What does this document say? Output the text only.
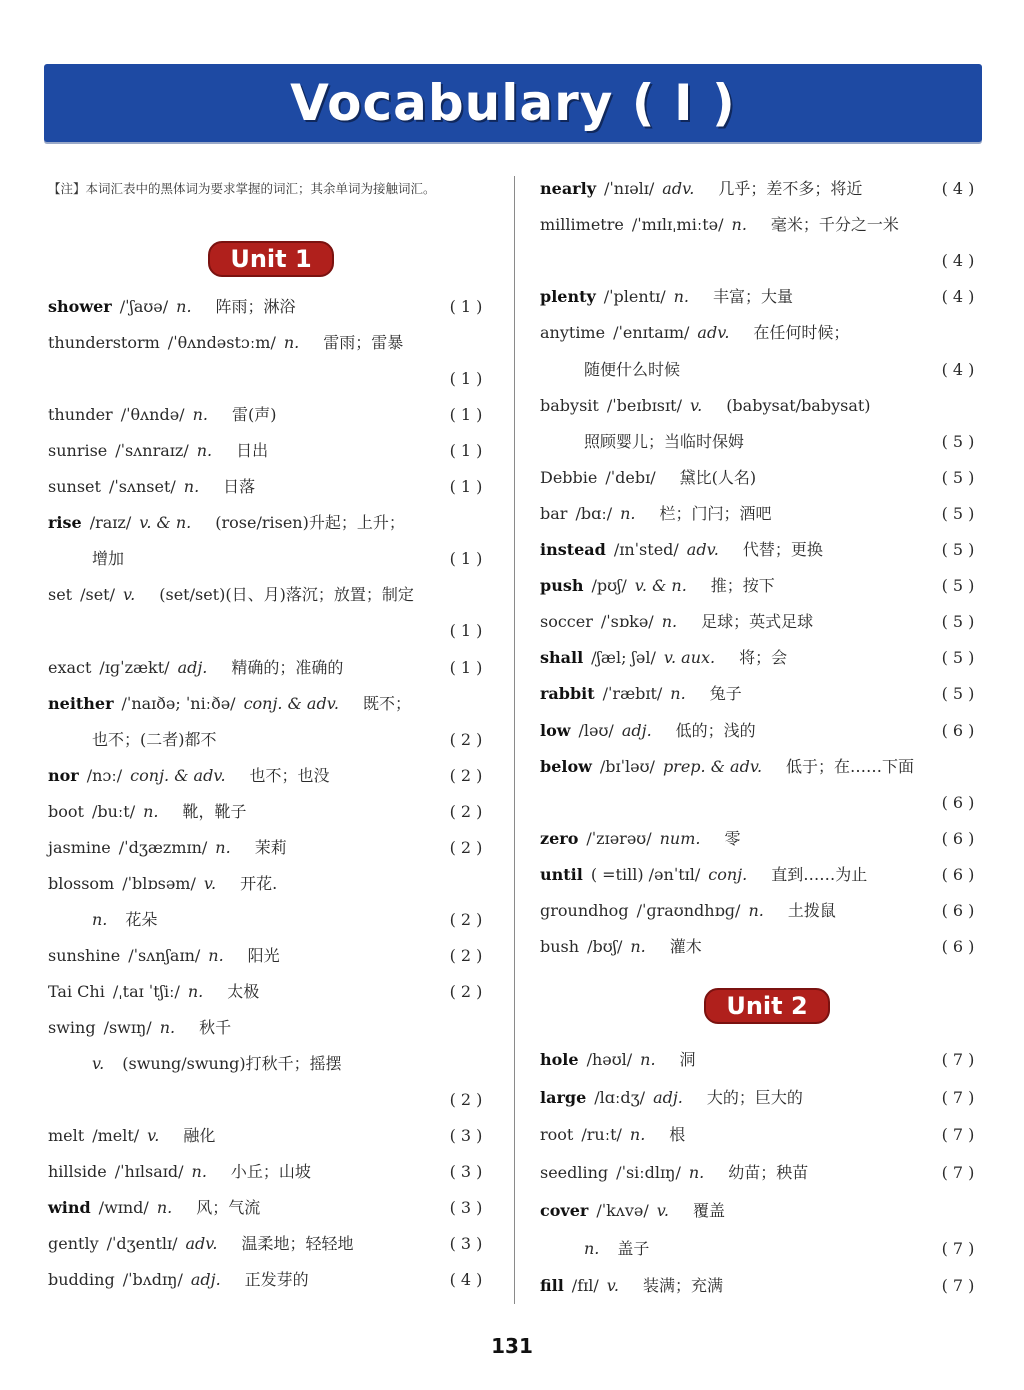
Vocabulary ( I )
【注】本词汇表中的黑体词为要求掌握的词汇；其余单词为接触词汇。
Unit 1
Unit 2
shower /ˈʃaʊə/ n. 阵雨；淋浴	( 1 )
thunderstorm /ˈθʌndəstɔːm/ n. 雷雨；雷暴
( 1 )
thunder /ˈθʌndə/ n. 雷(声)	( 1 )
sunrise /ˈsʌnraɪz/ n. 日出	( 1 )
sunset /ˈsʌnset/ n. 日落	( 1 )
rise /raɪz/ v. & n. (rose/risen)升起；上升；
增加	( 1 )
set /set/ v. (set/set)(日、月)落沉；放置；制定
( 1 )
exact /ɪɡˈzækt/ adj. 精确的；准确的	( 1 )
neither /ˈnaɪðə; ˈniːðə/ conj. & adv. 既不；
也不；(二者)都不	( 2 )
nor /nɔː/ conj. & adv. 也不；也没	( 2 )
boot /buːt/ n. 靴，靴子	( 2 )
jasmine /ˈdʒæzmɪn/ n. 茉莉	( 2 )
blossom /ˈblɒsəm/ v. 开花.
n. 花朵	( 2 )
sunshine /ˈsʌnʃaɪn/ n. 阳光	( 2 )
Tai Chi /ˌtaɪ ˈtʃiː/ n. 太极	( 2 )
swing /swɪŋ/ n. 秋千
v. (swung/swung)打秋千；摇摆
( 2 )
melt /melt/ v. 融化	( 3 )
hillside /ˈhɪlsaɪd/ n. 小丘；山坡	( 3 )
wind /wɪnd/ n. 风；气流	( 3 )
gently /ˈdʒentlɪ/ adv. 温柔地；轻轻地	( 3 )
budding /ˈbʌdɪŋ/ adj. 正发芽的	( 4 )
nearly /ˈnɪəlɪ/ adv. 几乎；差不多；将近	( 4 )
millimetre /ˈmɪlɪˌmiːtə/ n. 毫米；千分之一米
( 4 )
plenty /ˈplentɪ/ n. 丰富；大量	( 4 )
anytime /ˈenɪtaɪm/ adv. 在任何时候；
随便什么时候	( 4 )
babysit /ˈbeɪbɪsɪt/ v. (babysat/babysat)
照顾婴儿；当临时保姆	( 5 )
Debbie /ˈdebɪ/ 黛比(人名)	( 5 )
bar /bɑː/ n. 栏；门闩；酒吧	( 5 )
instead /ɪnˈsted/ adv. 代替；更换	( 5 )
push /pʊʃ/ v. & n. 推；按下	( 5 )
soccer /ˈsɒkə/ n. 足球；英式足球	( 5 )
shall /ʃæl; ʃəl/ v. aux. 将；会	( 5 )
rabbit /ˈræbɪt/ n. 兔子	( 5 )
low /ləʊ/ adj. 低的；浅的	( 6 )
below /bɪˈləʊ/ prep. & adv. 低于；在……下面
( 6 )
zero /ˈzɪərəʊ/ num. 零	( 6 )
until ( =till) /ənˈtɪl/ conj. 直到……为止	( 6 )
groundhog /ˈɡraʊndhɒɡ/ n. 土拨鼠	( 6 )
bush /bʊʃ/ n. 灌木	( 6 )
hole /həʊl/ n. 洞	( 7 )
large /lɑːdʒ/ adj. 大的；巨大的	( 7 )
root /ruːt/ n. 根	( 7 )
seedling /ˈsiːdlɪŋ/ n. 幼苗；秧苗	( 7 )
cover /ˈkʌvə/ v. 覆盖
n. 盖子	( 7 )
fill /fɪl/ v. 装满；充满	( 7 )
131
